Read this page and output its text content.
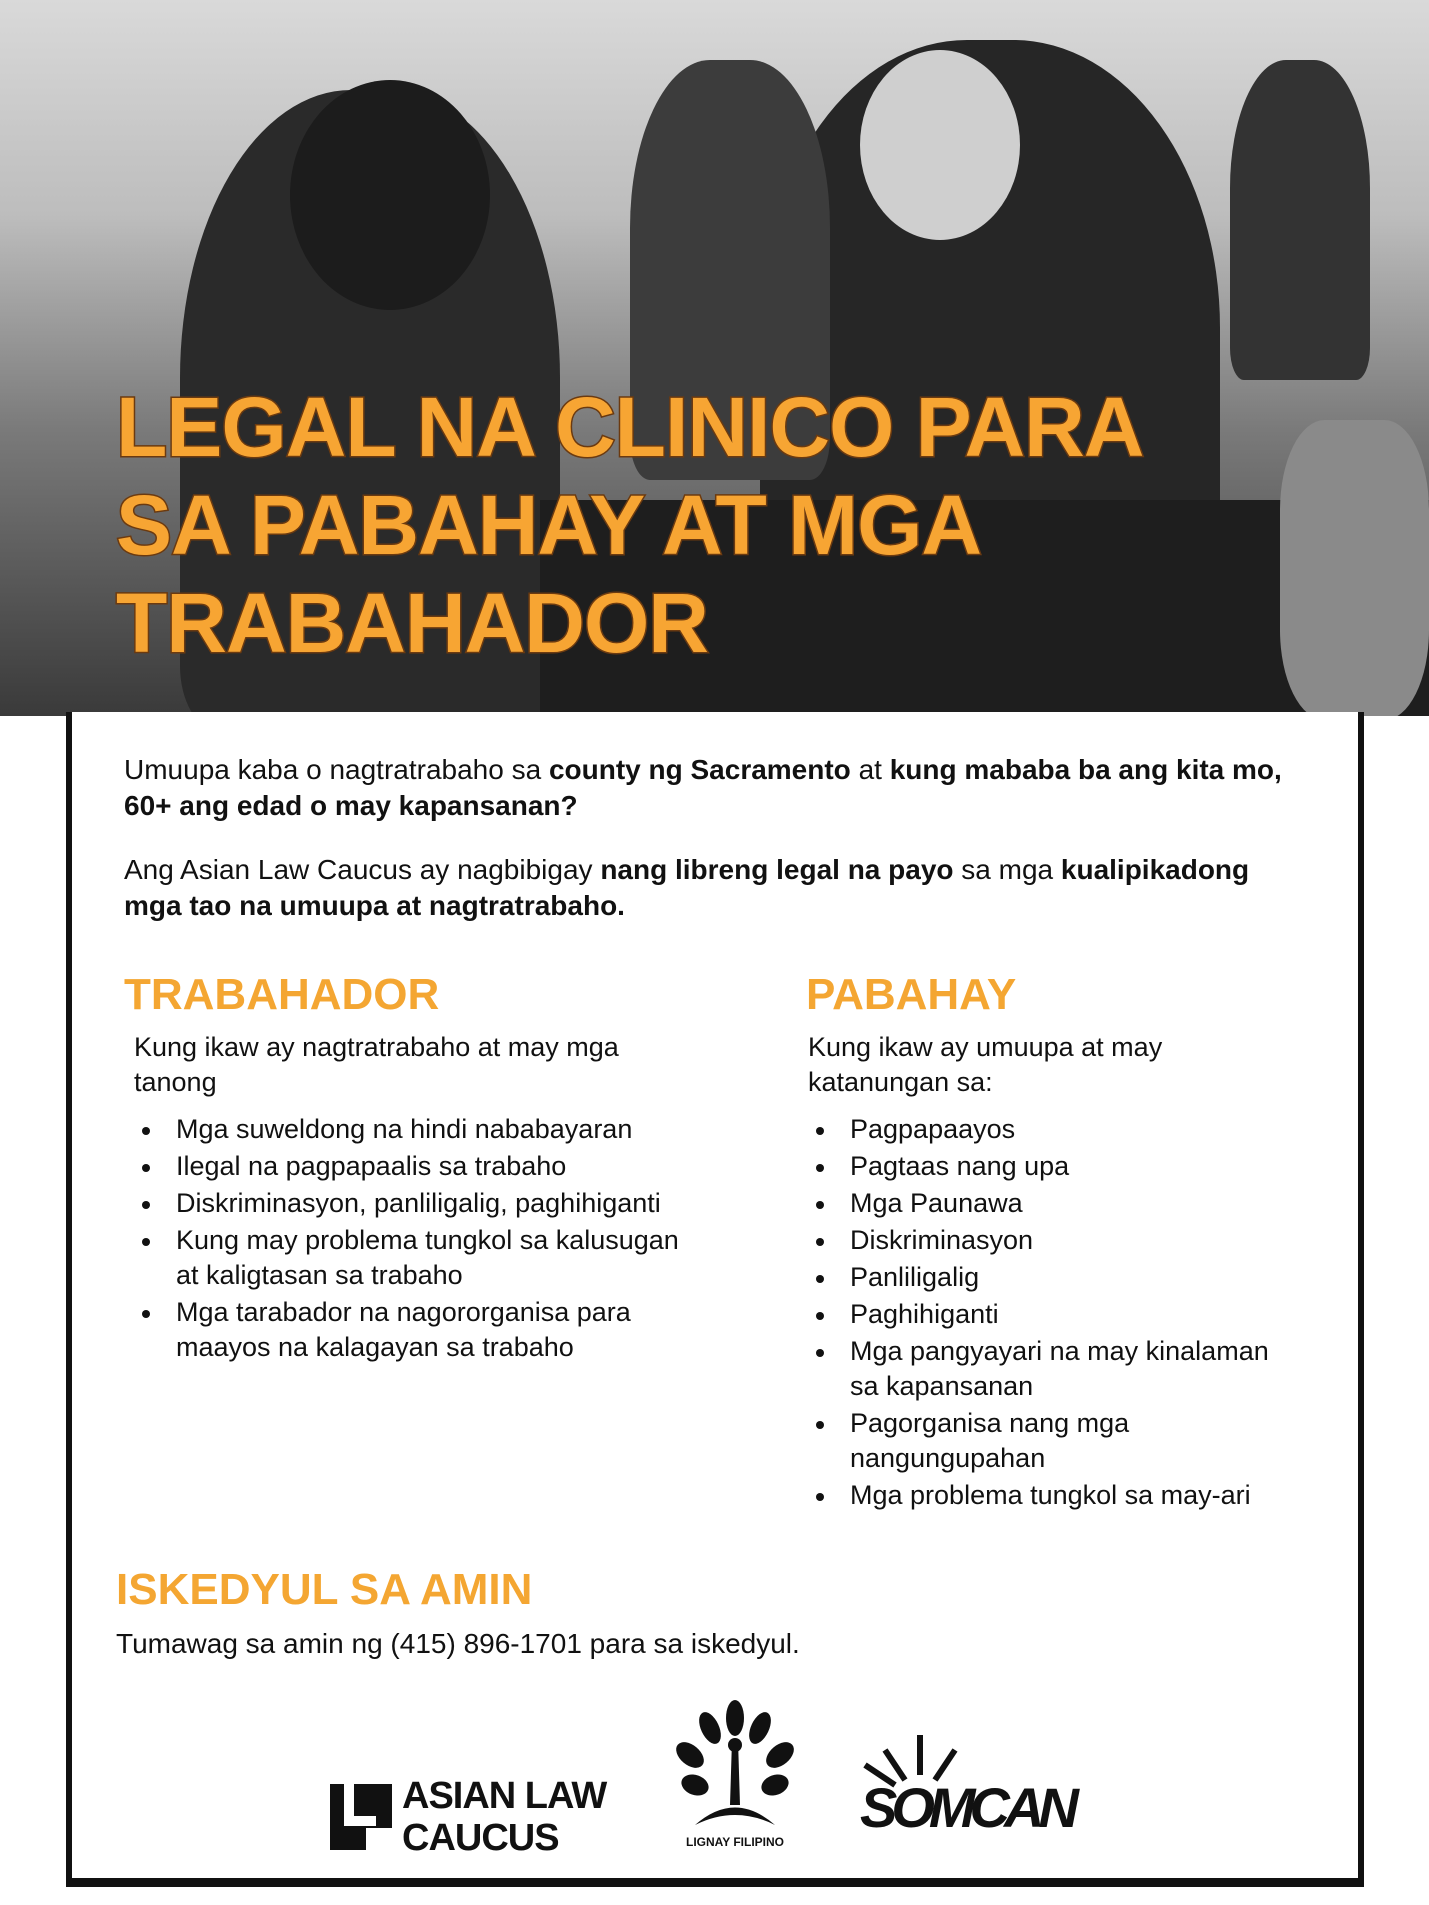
LEGAL NA CLINICO PARA
SA PABAHAY AT MGA
TRABAHADOR

Umuupa kaba o nagtratrabaho sa county ng Sacramento at kung mababa ba ang kita mo, 60+ ang edad o may kapansanan?

Ang Asian Law Caucus ay nagbibigay nang libreng legal na payo sa mga kualipikadong mga tao na umuupa at nagtratrabaho.

TRABAHADOR
Kung ikaw ay nagtratrabaho at may mga tanong
Mga suweldong na hindi nababayaran
Ilegal na pagpapaalis sa trabaho
Diskriminasyon, panliligalig, paghihiganti
Kung may problema tungkol sa kalusugan at kaligtasan sa trabaho
Mga tarabador na nagororganisa para maayos na kalagayan sa trabaho
PABAHAY
Kung ikaw ay umuupa at may katanungan sa:
Pagpapaayos
Pagtaas nang upa
Mga Paunawa
Diskriminasyon
Panliligalig
Paghihiganti
Mga pangyayari na may kinalaman sa kapansanan
Pagorganisa nang mga nangungupahan
Mga problema tungkol sa may-ari
ISKEDYUL SA AMIN
Tumawag sa amin ng (415) 896-1701 para sa iskedyul.
ASIAN LAW
CAUCUS	LIGNAY FILIPINO
SOMCAN
